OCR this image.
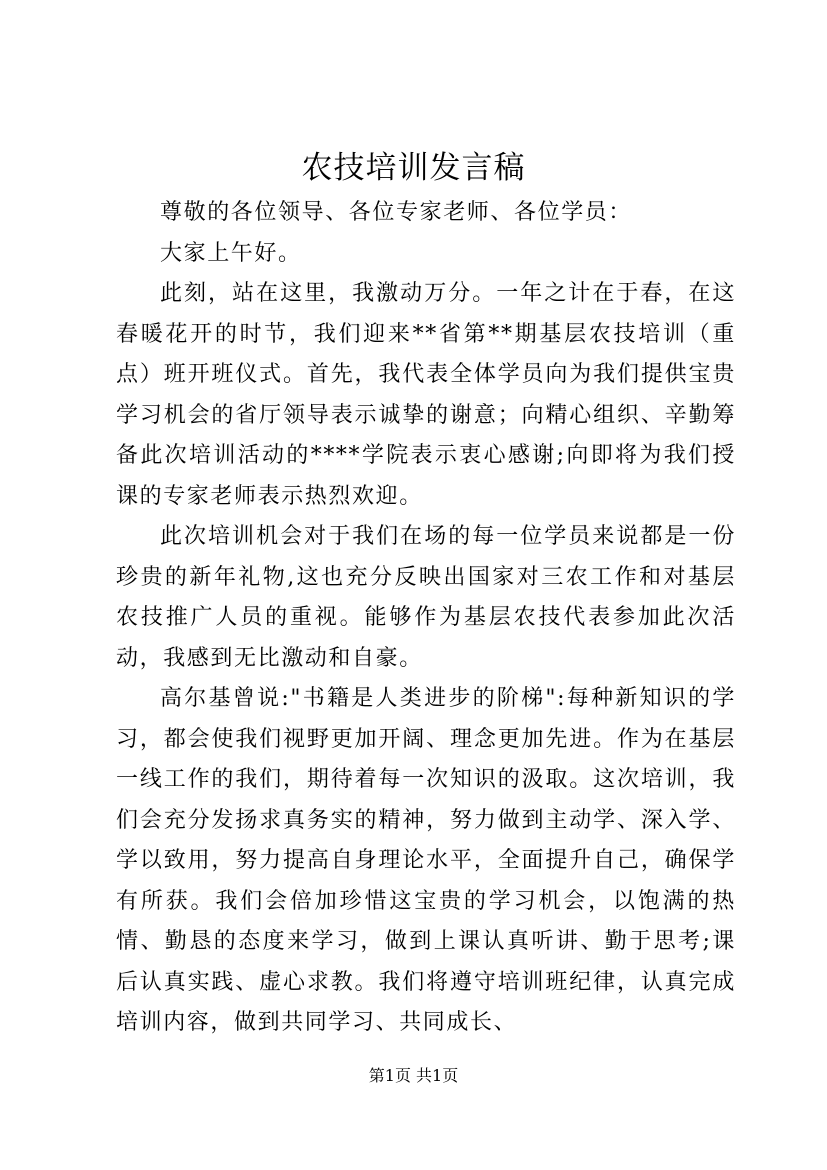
农技培训发言稿

尊敬的各位领导、各位专家老师、各位学员：

大家上午好。

此刻，站在这里，我激动万分。一年之计在于春，在这春暖花开的时节，我们迎来**省第**期基层农技培训（重点）班开班仪式。首先，我代表全体学员向为我们提供宝贵学习机会的省厅领导表示诚挚的谢意；向精心组织、辛勤筹备此次培训活动的****学院表示衷心感谢;向即将为我们授课的专家老师表示热烈欢迎。

此次培训机会对于我们在场的每一位学员来说都是一份珍贵的新年礼物,这也充分反映出国家对三农工作和对基层农技推广人员的重视。能够作为基层农技代表参加此次活动，我感到无比激动和自豪。

高尔基曾说:"书籍是人类进步的阶梯":每种新知识的学习，都会使我们视野更加开阔、理念更加先进。作为在基层一线工作的我们，期待着每一次知识的汲取。这次培训，我们会充分发扬求真务实的精神，努力做到主动学、深入学、学以致用，努力提高自身理论水平，全面提升自己，确保学有所获。我们会倍加珍惜这宝贵的学习机会，以饱满的热情、勤恳的态度来学习，做到上课认真听讲、勤于思考;课后认真实践、虚心求教。我们将遵守培训班纪律，认真完成培训内容，做到共同学习、共同成长、

第1页 共1页
